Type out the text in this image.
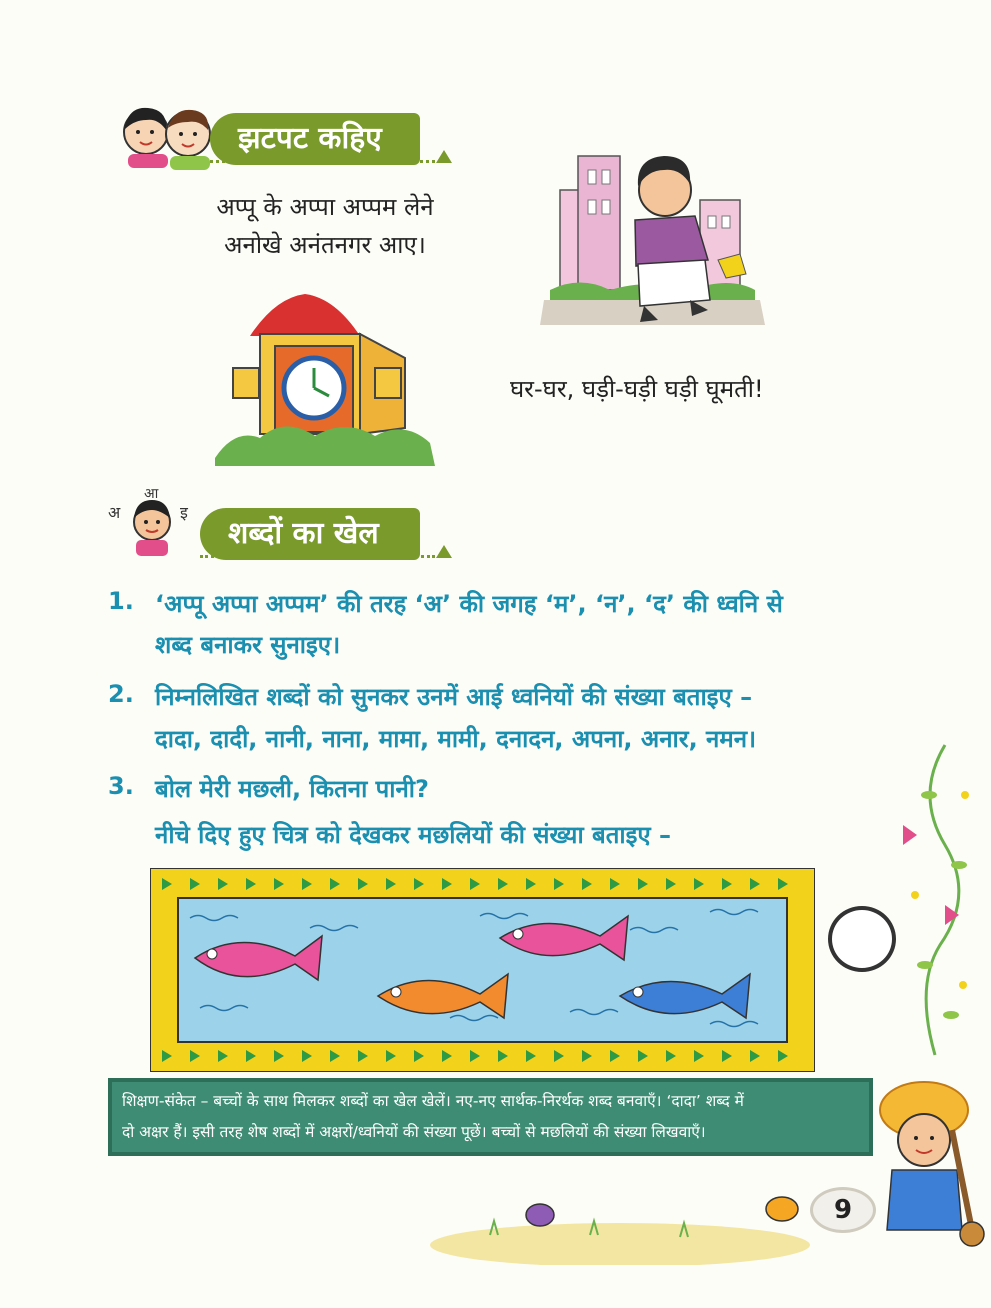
झटपट कहिए
अप्पू के अप्पा अप्पम लेने
अनोखे अनंतनगर आए।
घर-घर, घड़ी-घड़ी घड़ी घूमती!
अ
आ
इ
शब्दों का खेल
1. ‘अप्पू अप्पा अप्पम’ की तरह ‘अ’ की जगह ‘म’, ‘न’, ‘द’ की ध्वनि से
शब्द बनाकर सुनाइए।
2. निम्नलिखित शब्दों को सुनकर उनमें आई ध्वनियों की संख्या बताइए –
दादा, दादी, नानी, नाना, मामा, मामी, दनादन, अपना, अनार, नमन।
3. बोल मेरी मछली, कितना पानी?
नीचे दिए हुए चित्र को देखकर मछलियों की संख्या बताइए –
शिक्षण-संकेत – बच्चों के साथ मिलकर शब्दों का खेल खेलें। नए-नए सार्थक-निरर्थक शब्द बनवाएँ। ‘दादा’ शब्द में
दो अक्षर हैं। इसी तरह शेष शब्दों में अक्षरों/ध्वनियों की संख्या पूछें। बच्चों से मछलियों की संख्या लिखवाएँ।
9
